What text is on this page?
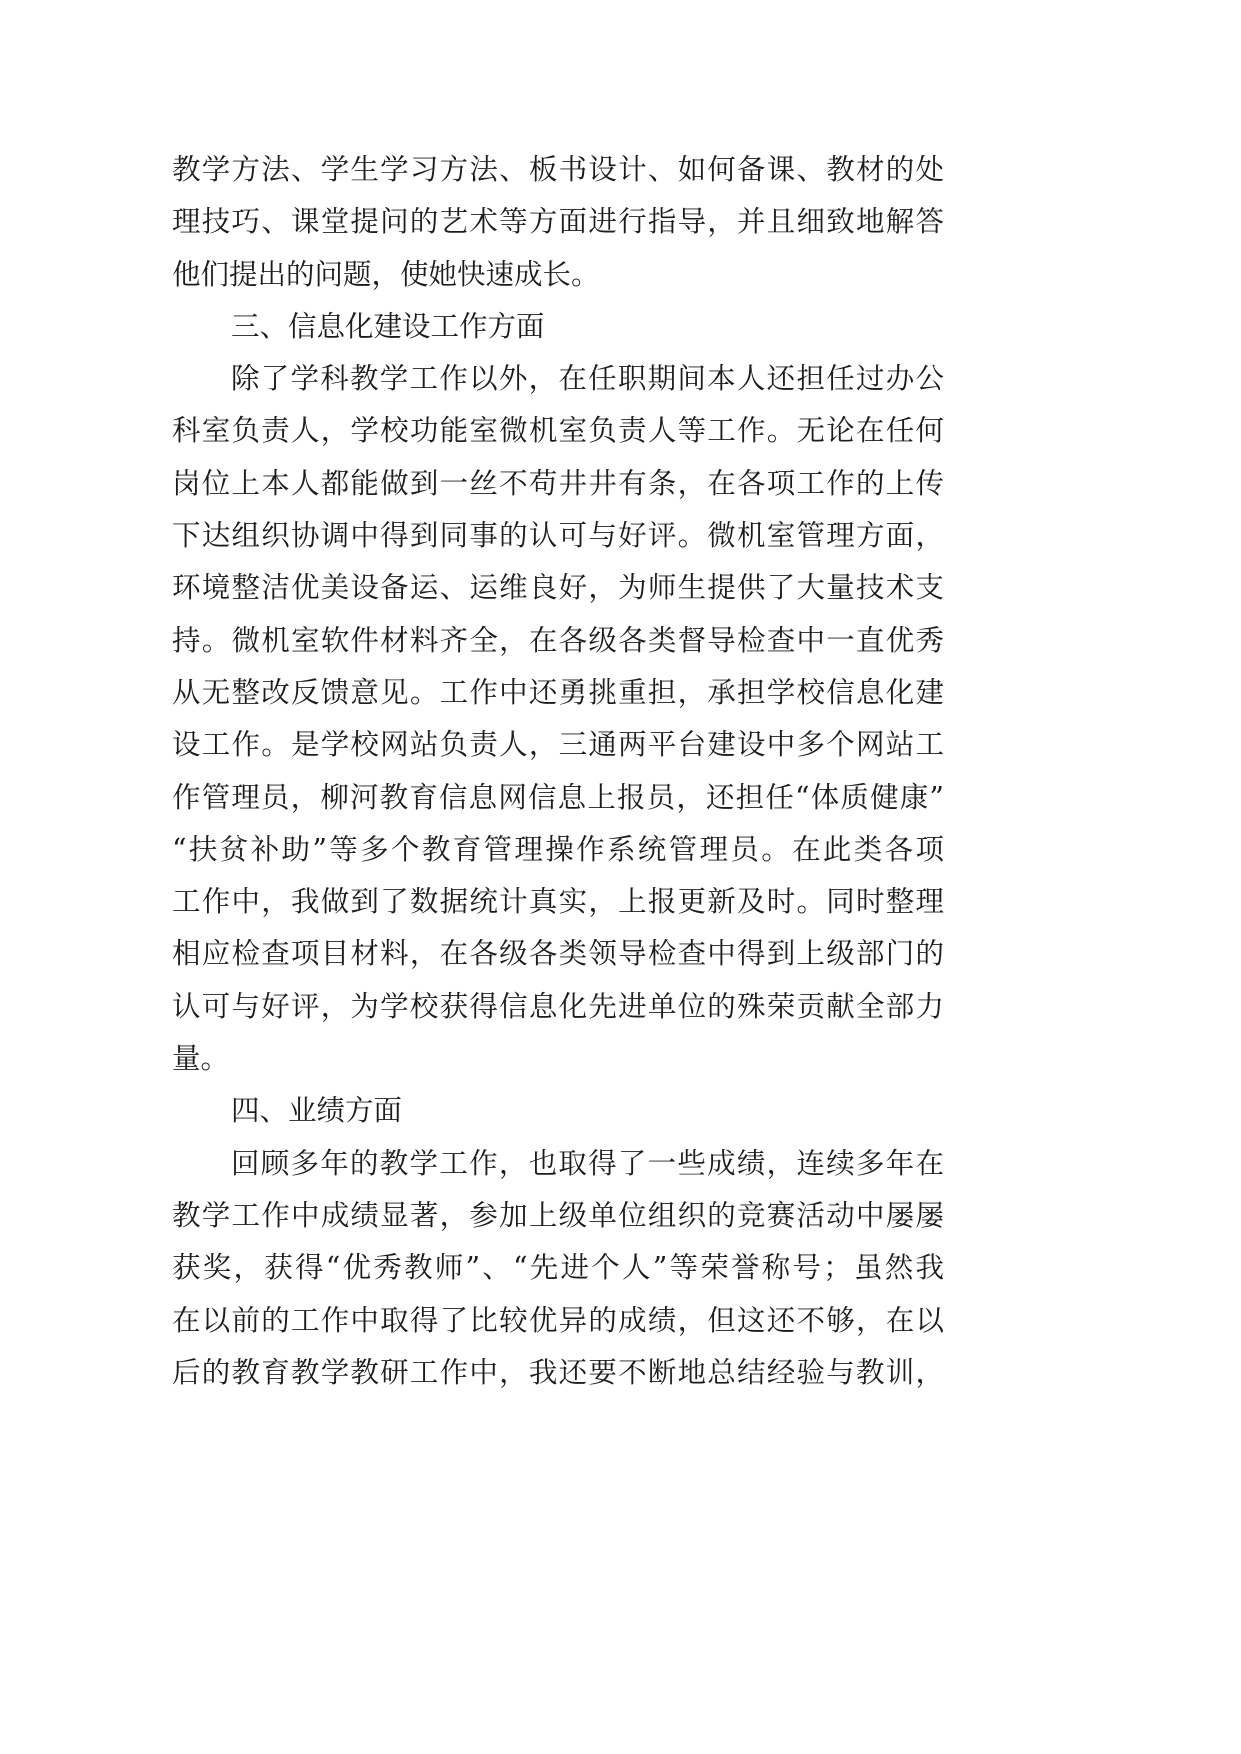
教学方法、学生学习方法、板书设计、如何备课、教材的处
理技巧、课堂提问的艺术等方面进行指导，并且细致地解答
他们提出的问题，使她快速成长。
三、信息化建设工作方面
除了学科教学工作以外，在任职期间本人还担任过办公
科室负责人，学校功能室微机室负责人等工作。无论在任何
岗位上本人都能做到一丝不苟井井有条，在各项工作的上传
下达组织协调中得到同事的认可与好评。微机室管理方面，
环境整洁优美设备运、运维良好，为师生提供了大量技术支
持。微机室软件材料齐全，在各级各类督导检查中一直优秀
从无整改反馈意见。工作中还勇挑重担，承担学校信息化建
设工作。是学校网站负责人，三通两平台建设中多个网站工
作管理员，柳河教育信息网信息上报员，还担任“体质健康”
“扶贫补助”等多个教育管理操作系统管理员。在此类各项
工作中，我做到了数据统计真实，上报更新及时。同时整理
相应检查项目材料，在各级各类领导检查中得到上级部门的
认可与好评，为学校获得信息化先进单位的殊荣贡献全部力
量。
四、业绩方面
回顾多年的教学工作，也取得了一些成绩，连续多年在
教学工作中成绩显著，参加上级单位组织的竞赛活动中屡屡
获奖，获得“优秀教师”、“先进个人”等荣誉称号；虽然我
在以前的工作中取得了比较优异的成绩，但这还不够，在以
后的教育教学教研工作中，我还要不断地总结经验与教训，
